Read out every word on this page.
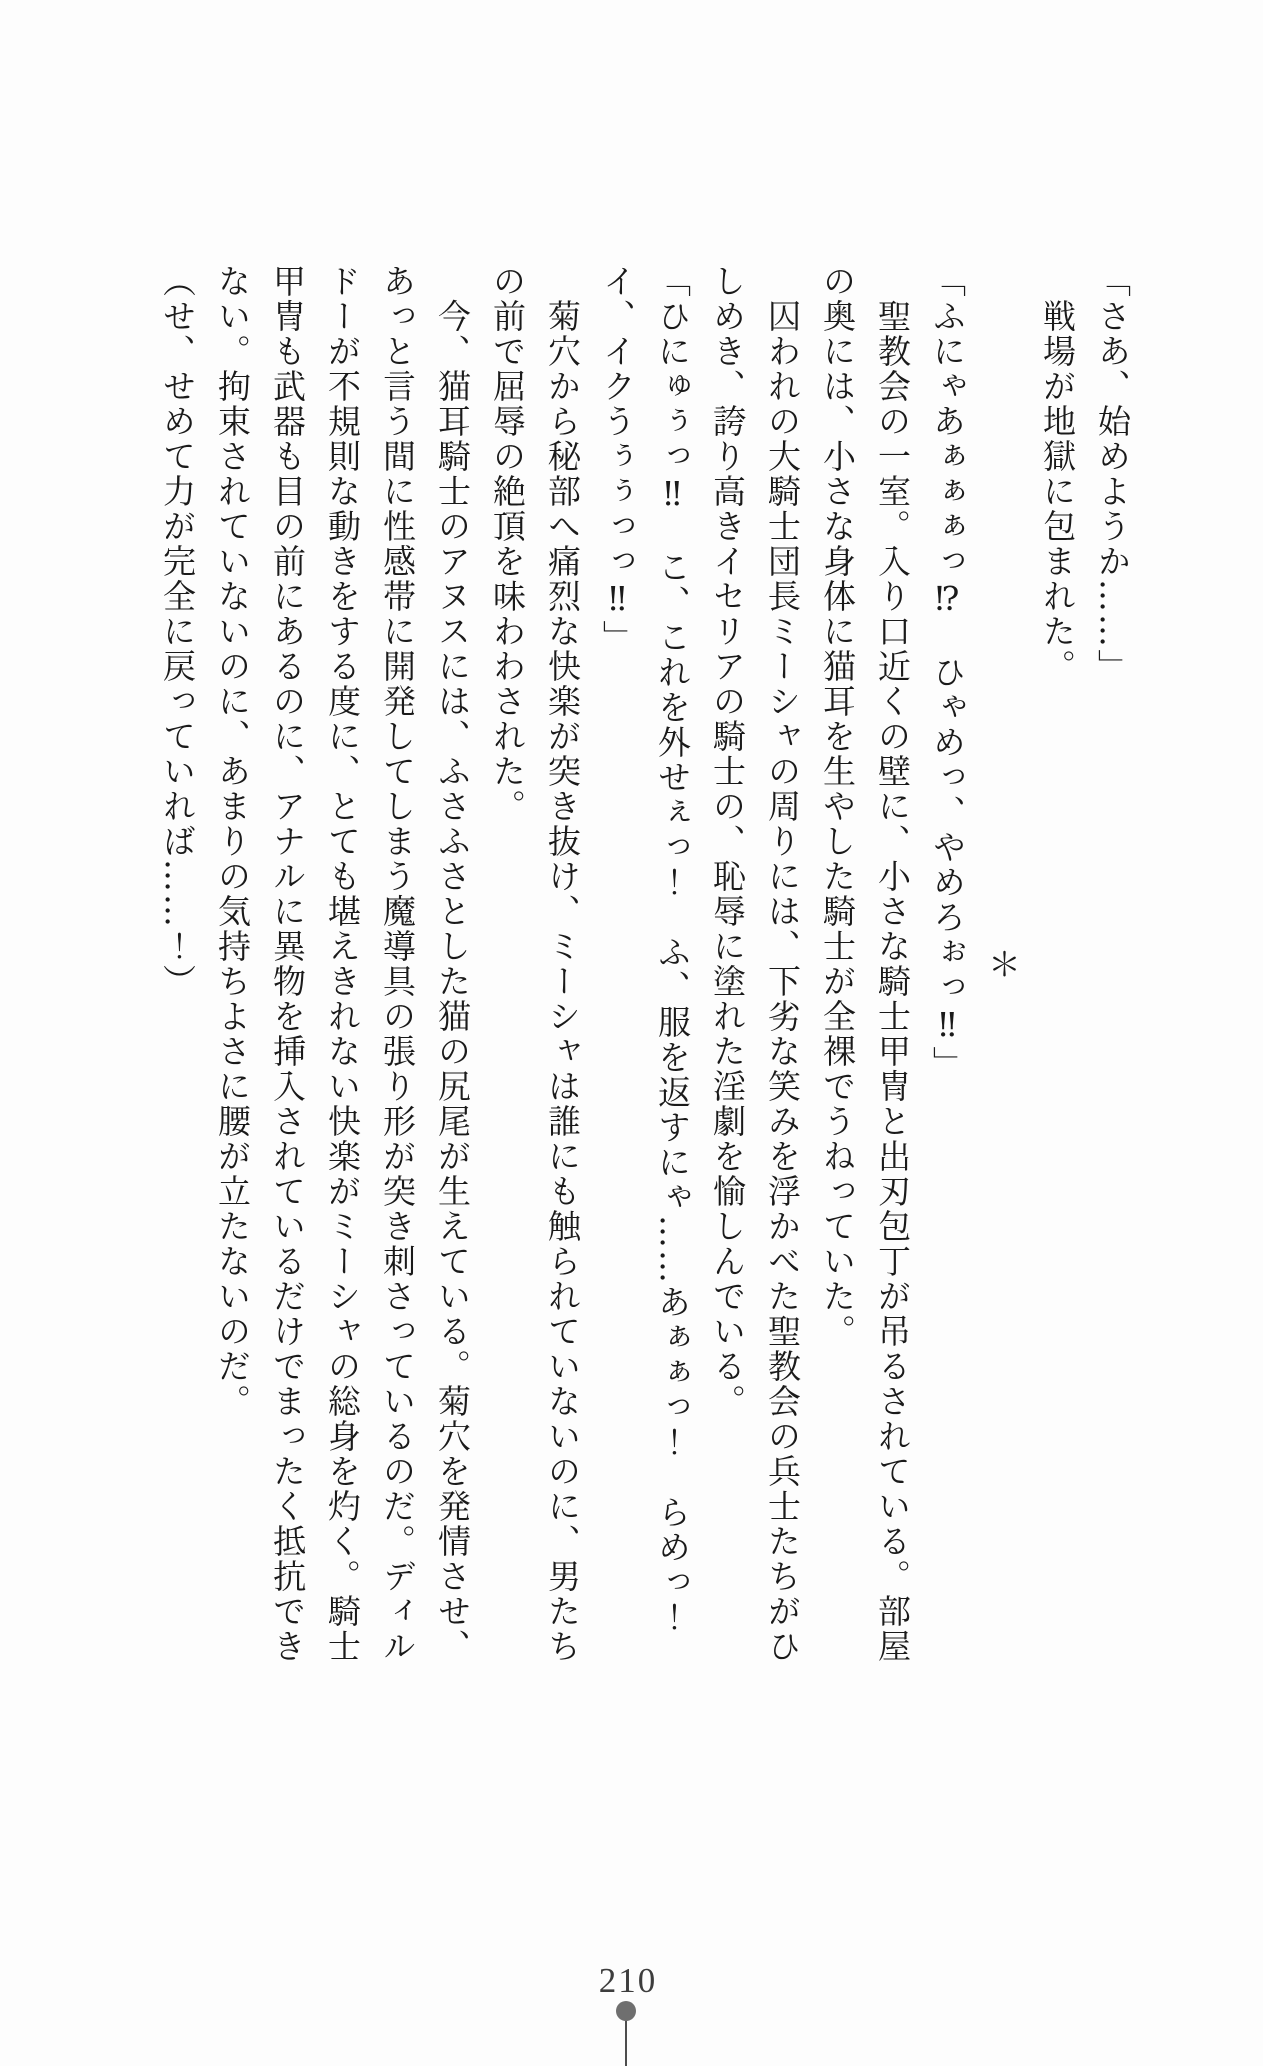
「さあ、始めようか……」

戦場が地獄に包まれた。

＊

「ふにゃあぁぁぁっ⁉　ひゃめっ、やめろぉっ‼」

聖教会の一室。入り口近くの壁に、小さな騎士甲冑と出刃包丁が吊るされている。部屋の奥には、小さな身体に猫耳を生やした騎士が全裸でうねっていた。

囚われの大騎士団長ミーシャの周りには、下劣な笑みを浮かべた聖教会の兵士たちがひしめき、誇り高きイセリアの騎士の、恥辱に塗れた淫劇を愉しんでいる。

「ひにゅぅっ‼　こ、これを外せぇっ！　ふ、服を返すにゃ……あぁぁっ！　らめっ！イ、イクうぅぅっっ‼」

菊穴から秘部へ痛烈な快楽が突き抜け、ミーシャは誰にも触られていないのに、男たちの前で屈辱の絶頂を味わわされた。

今、猫耳騎士のアヌスには、ふさふさとした猫の尻尾が生えている。菊穴を発情させ、あっと言う間に性感帯に開発してしまう魔導具の張り形が突き刺さっているのだ。ディルドーが不規則な動きをする度に、とても堪えきれない快楽がミーシャの総身を灼く。騎士甲冑も武器も目の前にあるのに、アナルに異物を挿入されているだけでまったく抵抗できない。拘束されていないのに、あまりの気持ちよさに腰が立たないのだ。

（せ、せめて力が完全に戻っていれば……！）

210
